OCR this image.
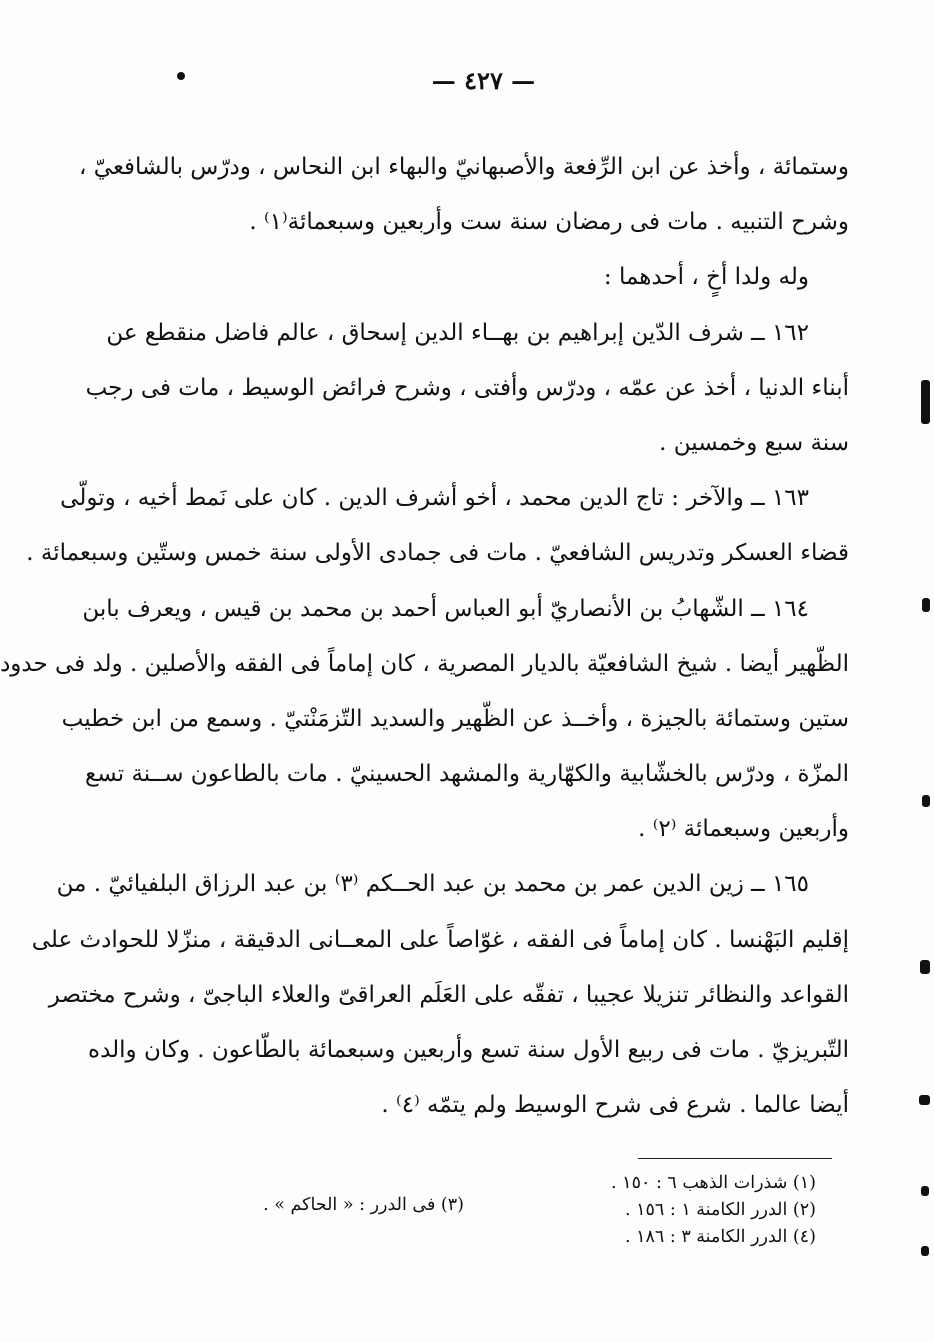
— ٤٢٧ —
وستمائة ، وأخذ عن ابن الرِّفعة والأصبهانيّ والبهاء ابن النحاس ، ودرّس بالشافعيّ ،
وشرح التنبيه . مات فى رمضان سنة ست وأربعين وسبعمائة⁽١⁾ .
وله ولدا أخٍ ، أحدهما :
١٦٢ ــ شرف الدّين إبراهيم بن بهــاء الدين إسحاق ، عالم فاضل منقطع عن
أبناء الدنيا ، أخذ عن عمّه ، ودرّس وأفتى ، وشرح فرائض الوسيط ، مات فى رجب
سنة سبع وخمسين .
١٦٣ ــ والآخر : تاج الدين محمد ، أخو أشرف الدين . كان على نَمط أخيه ، وتولّى
قضاء العسكر وتدريس الشافعيّ . مات فى جمادى الأولى سنة خمس وستّين وسبعمائة .
١٦٤ ــ الشّهابُ بن الأنصاريّ أبو العباس أحمد بن محمد بن قيس ، ويعرف بابن
الظّهير أيضا . شيخ الشافعيّة بالديار المصرية ، كان إماماً فى الفقه والأصلين . ولد فى حدود
ستين وستمائة بالجيزة ، وأخــذ عن الظّهير والسديد التّزمَنْتيّ . وسمع من ابن خطيب
المزّة ، ودرّس بالخشّابية والكهّارية والمشهد الحسينيّ . مات بالطاعون ســنة تسع
وأربعين وسبعمائة ⁽٢⁾ .
١٦٥ ــ زين الدين عمر بن محمد بن عبد الحــكم ⁽٣⁾ بن عبد الرزاق البلفيائيّ . من
إقليم البَهْنسا . كان إماماً فى الفقه ، غوّاصاً على المعــانى الدقيقة ، منزّلا للحوادث على
القواعد والنظائر تنزيلا عجيبا ، تفقّه على العَلَم العراقىّ والعلاء الباجىّ ، وشرح مختصر
التّبريزيّ . مات فى ربيع الأول سنة تسع وأربعين وسبعمائة بالطّاعون . وكان والده
أيضا عالما . شرع فى شرح الوسيط ولم يتمّه ⁽٤⁾ .
(١) شذرات الذهب ٦ : ١٥٠ .
(٢) الدرر الكامنة ١ : ١٥٦ .
(٤) الدرر الكامنة ٣ : ١٨٦ .
(٣) فى الدرر : « الحاكم » .
